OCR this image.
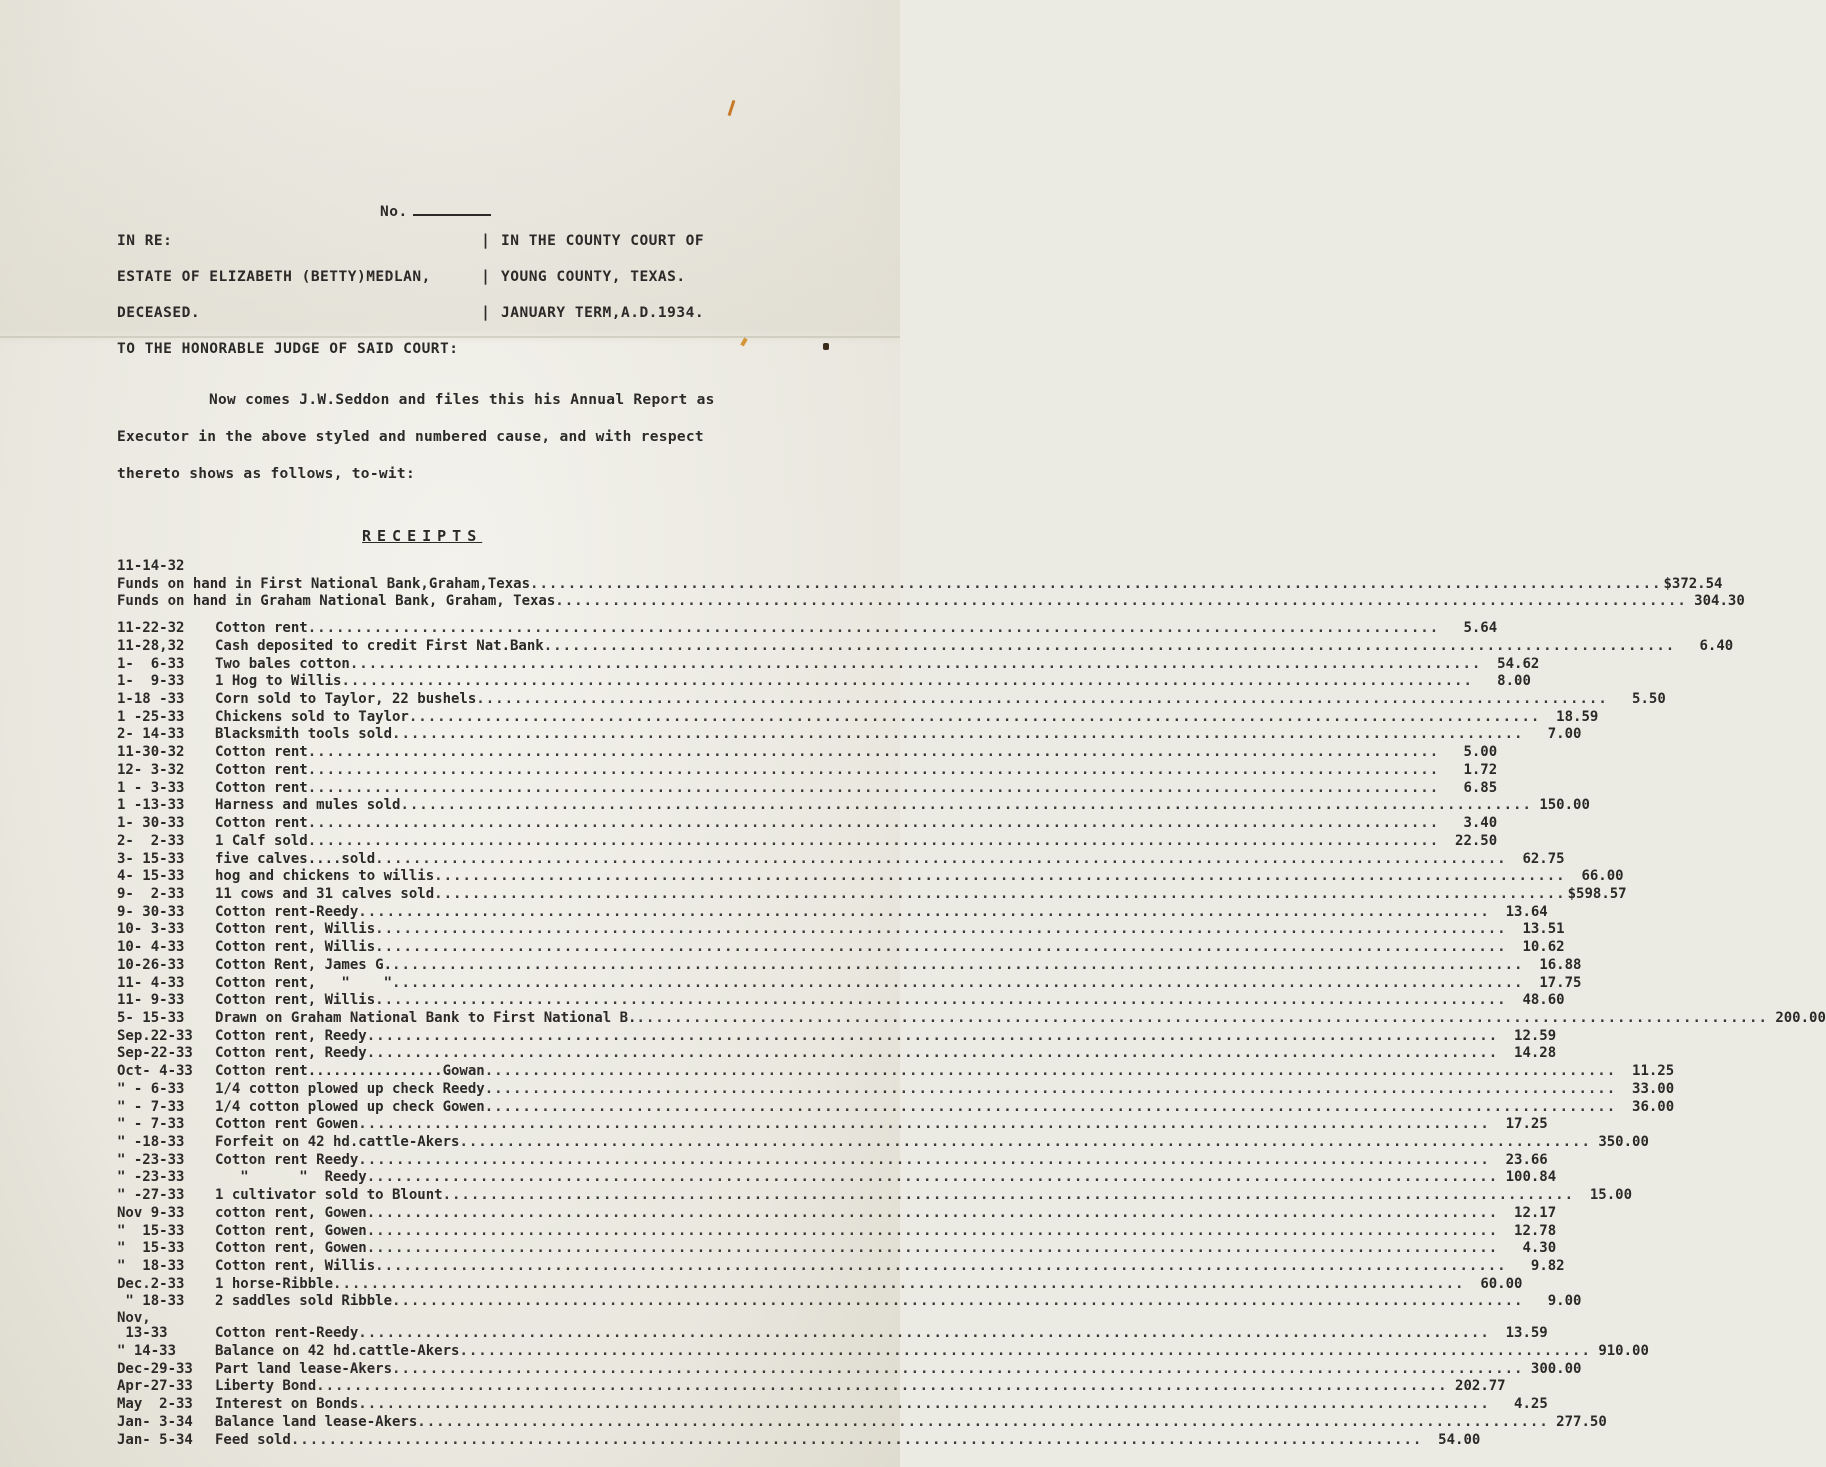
No.
IN RE:
ESTATE OF ELIZABETH (BETTY)MEDLAN,
DECEASED.
|
|
|
IN THE COUNTY COURT OF
YOUNG COUNTY, TEXAS.
JANUARY TERM,A.D.1934.
TO THE HONORABLE JUDGE OF SAID COURT:
Now comes J.W.Seddon and files this his Annual Report as
Executor in the above styled and numbered cause, and with respect
thereto shows as follows, to-wit:
RECEIPTS
11-14-32
Funds on hand in First National Bank,Graham,Texas ........................................................................................................................ $372.54
Funds on hand in Graham National Bank, Graham, Texas ........................................................................................................................ 304.30
11-22-32	Cotton rent ........................................................................................................................	5.64
11-28,32	Cash deposited to credit First Nat.Bank ........................................................................................................................	6.40
1-  6-33	Two bales cotton ........................................................................................................................	54.62
1-  9-33	1 Hog to Willis ........................................................................................................................	8.00
1-18 -33	Corn sold to Taylor, 22 bushels ........................................................................................................................	5.50
1 -25-33	Chickens sold to Taylor ........................................................................................................................	18.59
2- 14-33	Blacksmith tools sold ........................................................................................................................	7.00
11-30-32	Cotton rent ........................................................................................................................	5.00
12- 3-32	Cotton rent ........................................................................................................................	1.72
1 - 3-33	Cotton rent ........................................................................................................................	6.85
1 -13-33	Harness and mules sold ........................................................................................................................ 150.00
1- 30-33	Cotton rent ........................................................................................................................	3.40
2-  2-33	1 Calf sold ........................................................................................................................	22.50
3- 15-33	five calves....sold ........................................................................................................................	62.75
4- 15-33	hog and chickens to willis ........................................................................................................................	66.00
9-  2-33	11 cows and 31 calves sold ........................................................................................................................ $598.57
9- 30-33	Cotton rent-Reedy ........................................................................................................................	13.64
10- 3-33	Cotton rent, Willis ........................................................................................................................	13.51
10- 4-33	Cotton rent, Willis ........................................................................................................................	10.62
10-26-33	Cotton Rent, James G. ........................................................................................................................	16.88
11- 4-33	Cotton rent,   "    " ........................................................................................................................	17.75
11- 9-33	Cotton rent, Willis ........................................................................................................................	48.60
5- 15-33	Drawn on Graham National Bank to First National B. ........................................................................................................................ 200.00
Sep.22-33	Cotton rent, Reedy ........................................................................................................................	12.59
Sep-22-33	Cotton rent, Reedy ........................................................................................................................	14.28
Oct- 4-33	Cotton rent................Gowan ........................................................................................................................	11.25
" - 6-33	1/4 cotton plowed up check Reedy ........................................................................................................................	33.00
" - 7-33	1/4 cotton plowed up check Gowen ........................................................................................................................	36.00
" - 7-33	Cotton rent Gowen ........................................................................................................................	17.25
" -18-33	Forfeit on 42 hd.cattle-Akers ........................................................................................................................ 350.00
" -23-33	Cotton rent Reedy ........................................................................................................................	23.66
" -23-33	"      "  Reedy ........................................................................................................................ 100.84
" -27-33	1 cultivator sold to Blount ........................................................................................................................	15.00
Nov 9-33	cotton rent, Gowen ........................................................................................................................	12.17
"  15-33	Cotton rent, Gowen ........................................................................................................................	12.78
"  15-33	Cotton rent, Gowen ........................................................................................................................	4.30
"  18-33	Cotton rent, Willis ........................................................................................................................	9.82
Dec.2-33	1 horse-Ribble ........................................................................................................................	60.00
" 18-33	2 saddles sold Ribble ........................................................................................................................	9.00
Nov,
13-33	Cotton rent-Reedy ........................................................................................................................	13.59
" 14-33	Balance on 42 hd.cattle-Akers ........................................................................................................................ 910.00
Dec-29-33	Part land lease-Akers ........................................................................................................................ 300.00
Apr-27-33	Liberty Bond ........................................................................................................................ 202.77
May  2-33	Interest on Bonds ........................................................................................................................	4.25
Jan- 3-34	Balance land lease-Akers ........................................................................................................................ 277.50
Jan- 5-34	Feed sold ........................................................................................................................	54.00
